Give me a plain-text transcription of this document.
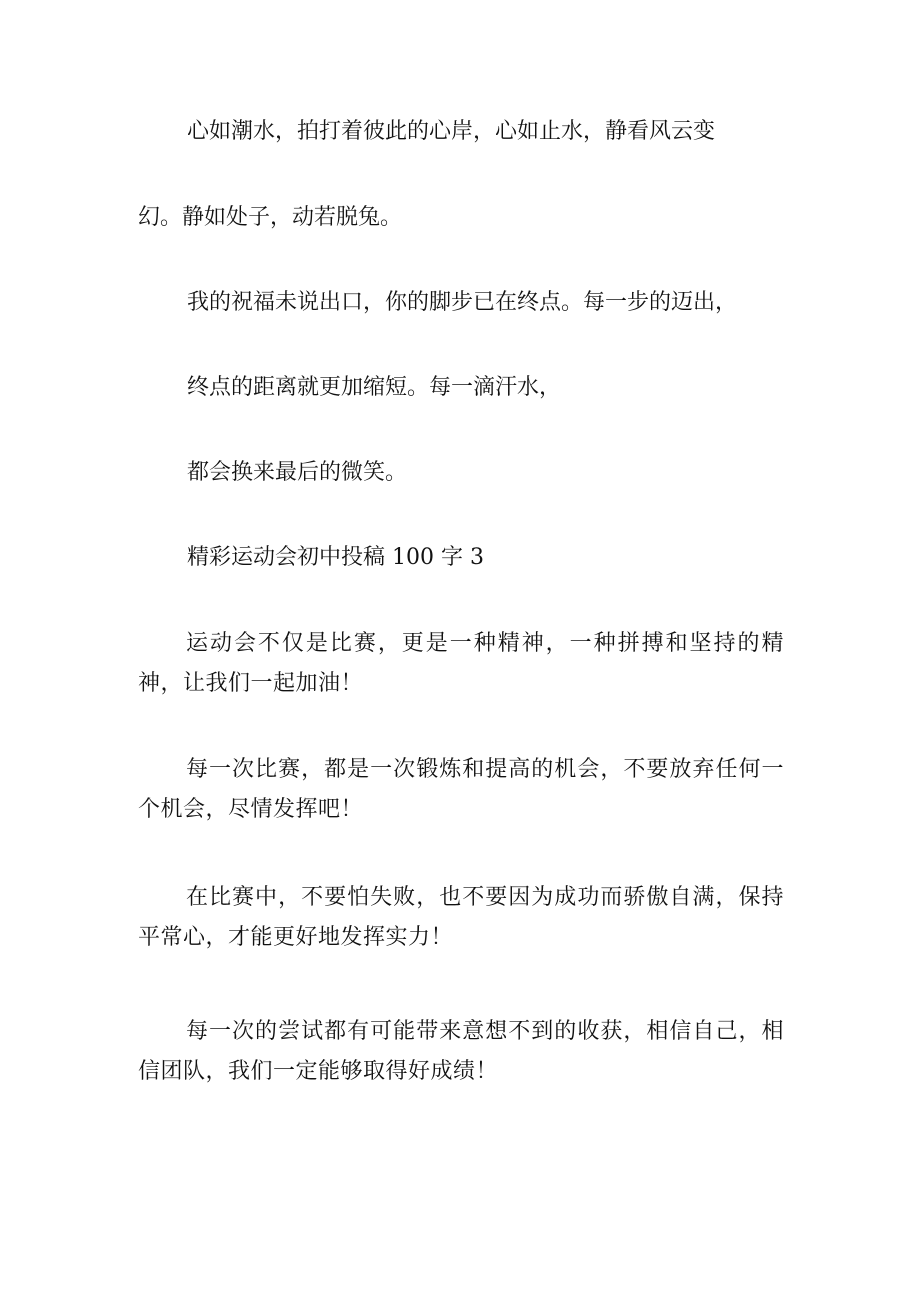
心如潮水，拍打着彼此的心岸，心如止水，静看风云变

幻。静如处子，动若脱兔。

我的祝福未说出口，你的脚步已在终点。每一步的迈出，

终点的距离就更加缩短。每一滴汗水，

都会换来最后的微笑。

精彩运动会初中投稿 100 字 3

运动会不仅是比赛，更是一种精神，一种拼搏和坚持的精神，让我们一起加油！

每一次比赛，都是一次锻炼和提高的机会，不要放弃任何一个机会，尽情发挥吧！

在比赛中，不要怕失败，也不要因为成功而骄傲自满，保持平常心，才能更好地发挥实力！

每一次的尝试都有可能带来意想不到的收获，相信自己，相信团队，我们一定能够取得好成绩！
